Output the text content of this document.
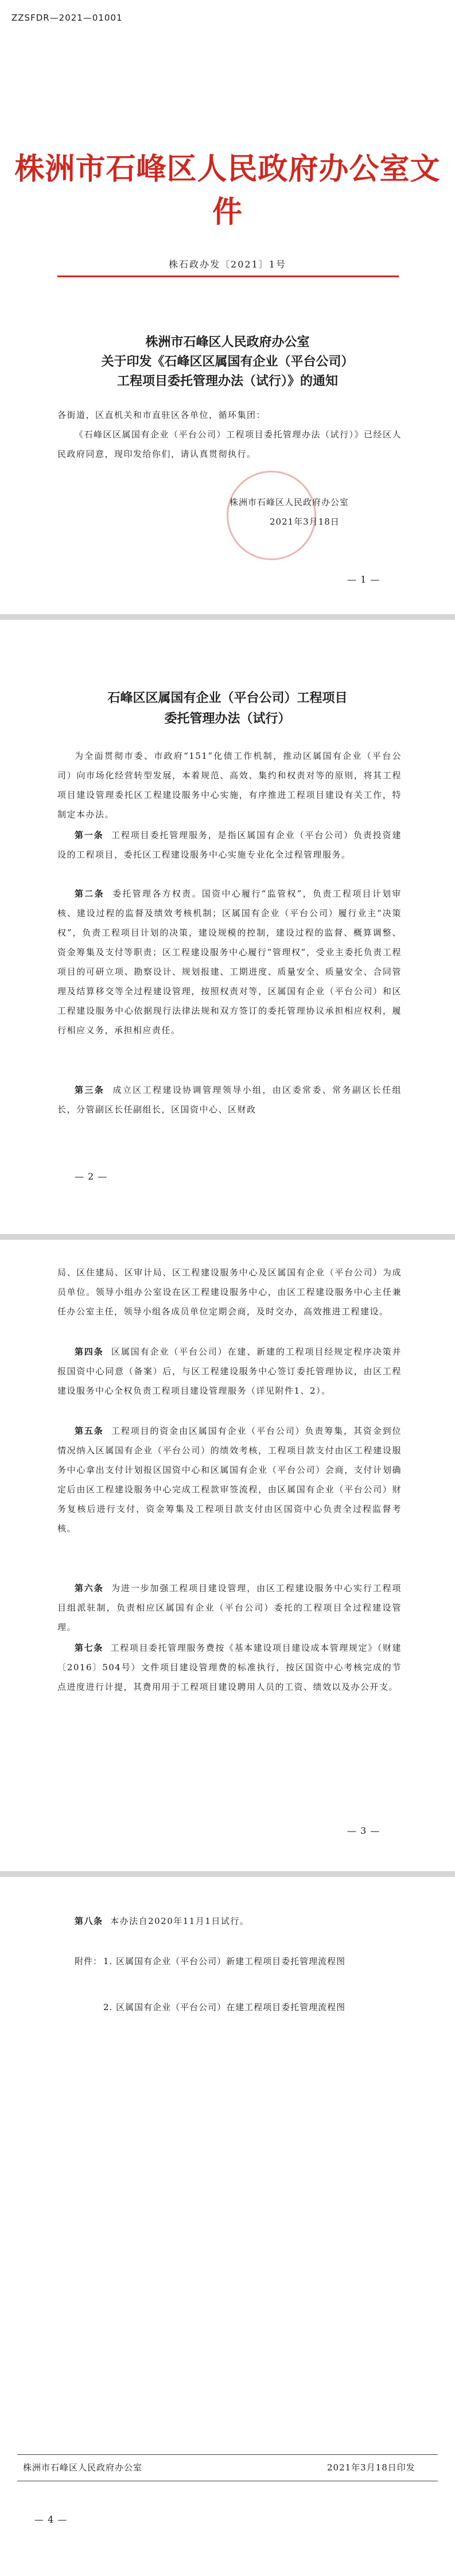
ZZSFDR—2021—01001
株洲市石峰区人民政府办公室文件
株石政办发〔2021〕1号
株洲市石峰区人民政府办公室
关于印发《石峰区区属国有企业（平台公司）
工程项目委托管理办法（试行）》的通知
各街道，区直机关和市直驻区各单位，循环集团：
《石峰区区属国有企业（平台公司）工程项目委托管理办法（试行）》已经区人民政府同意，现印发给你们，请认真贯彻执行。
株洲市石峰区人民政府办公室
2021年3月18日
— 1 —
石峰区区属国有企业（平台公司）工程项目
委托管理办法（试行）
为全面贯彻市委、市政府“151”化债工作机制，推动区属国有企业（平台公司）向市场化经营转型发展，本着规范、高效、集约和权责对等的原则，将其工程项目建设管理委托区工程建设服务中心实施，有序推进工程项目建设有关工作，特制定本办法。
第一条 工程项目委托管理服务，是指区属国有企业（平台公司）负责投资建设的工程项目，委托区工程建设服务中心实施专业化全过程管理服务。
第二条 委托管理各方权责。国资中心履行“监管权”，负责工程项目计划审核、建设过程的监督及绩效考核机制；区属国有企业（平台公司）履行业主“决策权”，负责工程项目计划的决策，建设规模的控制，建设过程的监督、概算调整、资金筹集及支付等职责；区工程建设服务中心履行“管理权”，受业主委托负责工程项目的可研立项、勘察设计、规划报建、工期进度、质量安全、质量安全、合同管理及结算移交等全过程建设管理，按照权责对等，区属国有企业（平台公司）和区工程建设服务中心依据现行法律法规和双方签订的委托管理协议承担相应权利，履行相应义务，承担相应责任。
第三条 成立区工程建设协调管理领导小组，由区委常委、常务副区长任组长，分管副区长任副组长，区国资中心、区财政
— 2 —
局、区住建局、区审计局、区工程建设服务中心及区属国有企业（平台公司）为成员单位。领导小组办公室设在区工程建设服务中心，由区工程建设服务中心主任兼任办公室主任，领导小组各成员单位定期会商，及时交办，高效推进工程建设。
第四条 区属国有企业（平台公司）在建、新建的工程项目经规定程序决策并报国资中心同意（备案）后，与区工程建设服务中心签订委托管理协议，由区工程建设服务中心全权负责工程项目建设管理服务（详见附件1、2）。
第五条 工程项目的资金由区属国有企业（平台公司）负责筹集，其资金到位情况纳入区属国有企业（平台公司）的绩效考核，工程项目款支付由区工程建设服务中心拿出支付计划报区国资中心和区属国有企业（平台公司）会商，支付计划确定后由区工程建设服务中心完成工程款审签流程，由区属国有企业（平台公司）财务复核后进行支付，资金筹集及工程项目款支付由区国资中心负责全过程监督考核。
第六条 为进一步加强工程项目建设管理，由区工程建设服务中心实行工程项目组派驻制，负责相应区属国有企业（平台公司）委托的工程项目全过程建设管理。
第七条 工程项目委托管理服务费按《基本建设项目建设成本管理规定》（财建〔2016〕504号）文件项目建设管理费的标准执行，按区国资中心考核完成的节点进度进行计提，其费用用于工程项目建设聘用人员的工资、绩效以及办公开支。
— 3 —
第八条 本办法自2020年11月1日试行。
附件： 1. 区属国有企业（平台公司）新建工程项目委托管理流程图
2. 区属国有企业（平台公司）在建工程项目委托管理流程图
株洲市石峰区人民政府办公室	2021年3月18日印发
— 4 —
